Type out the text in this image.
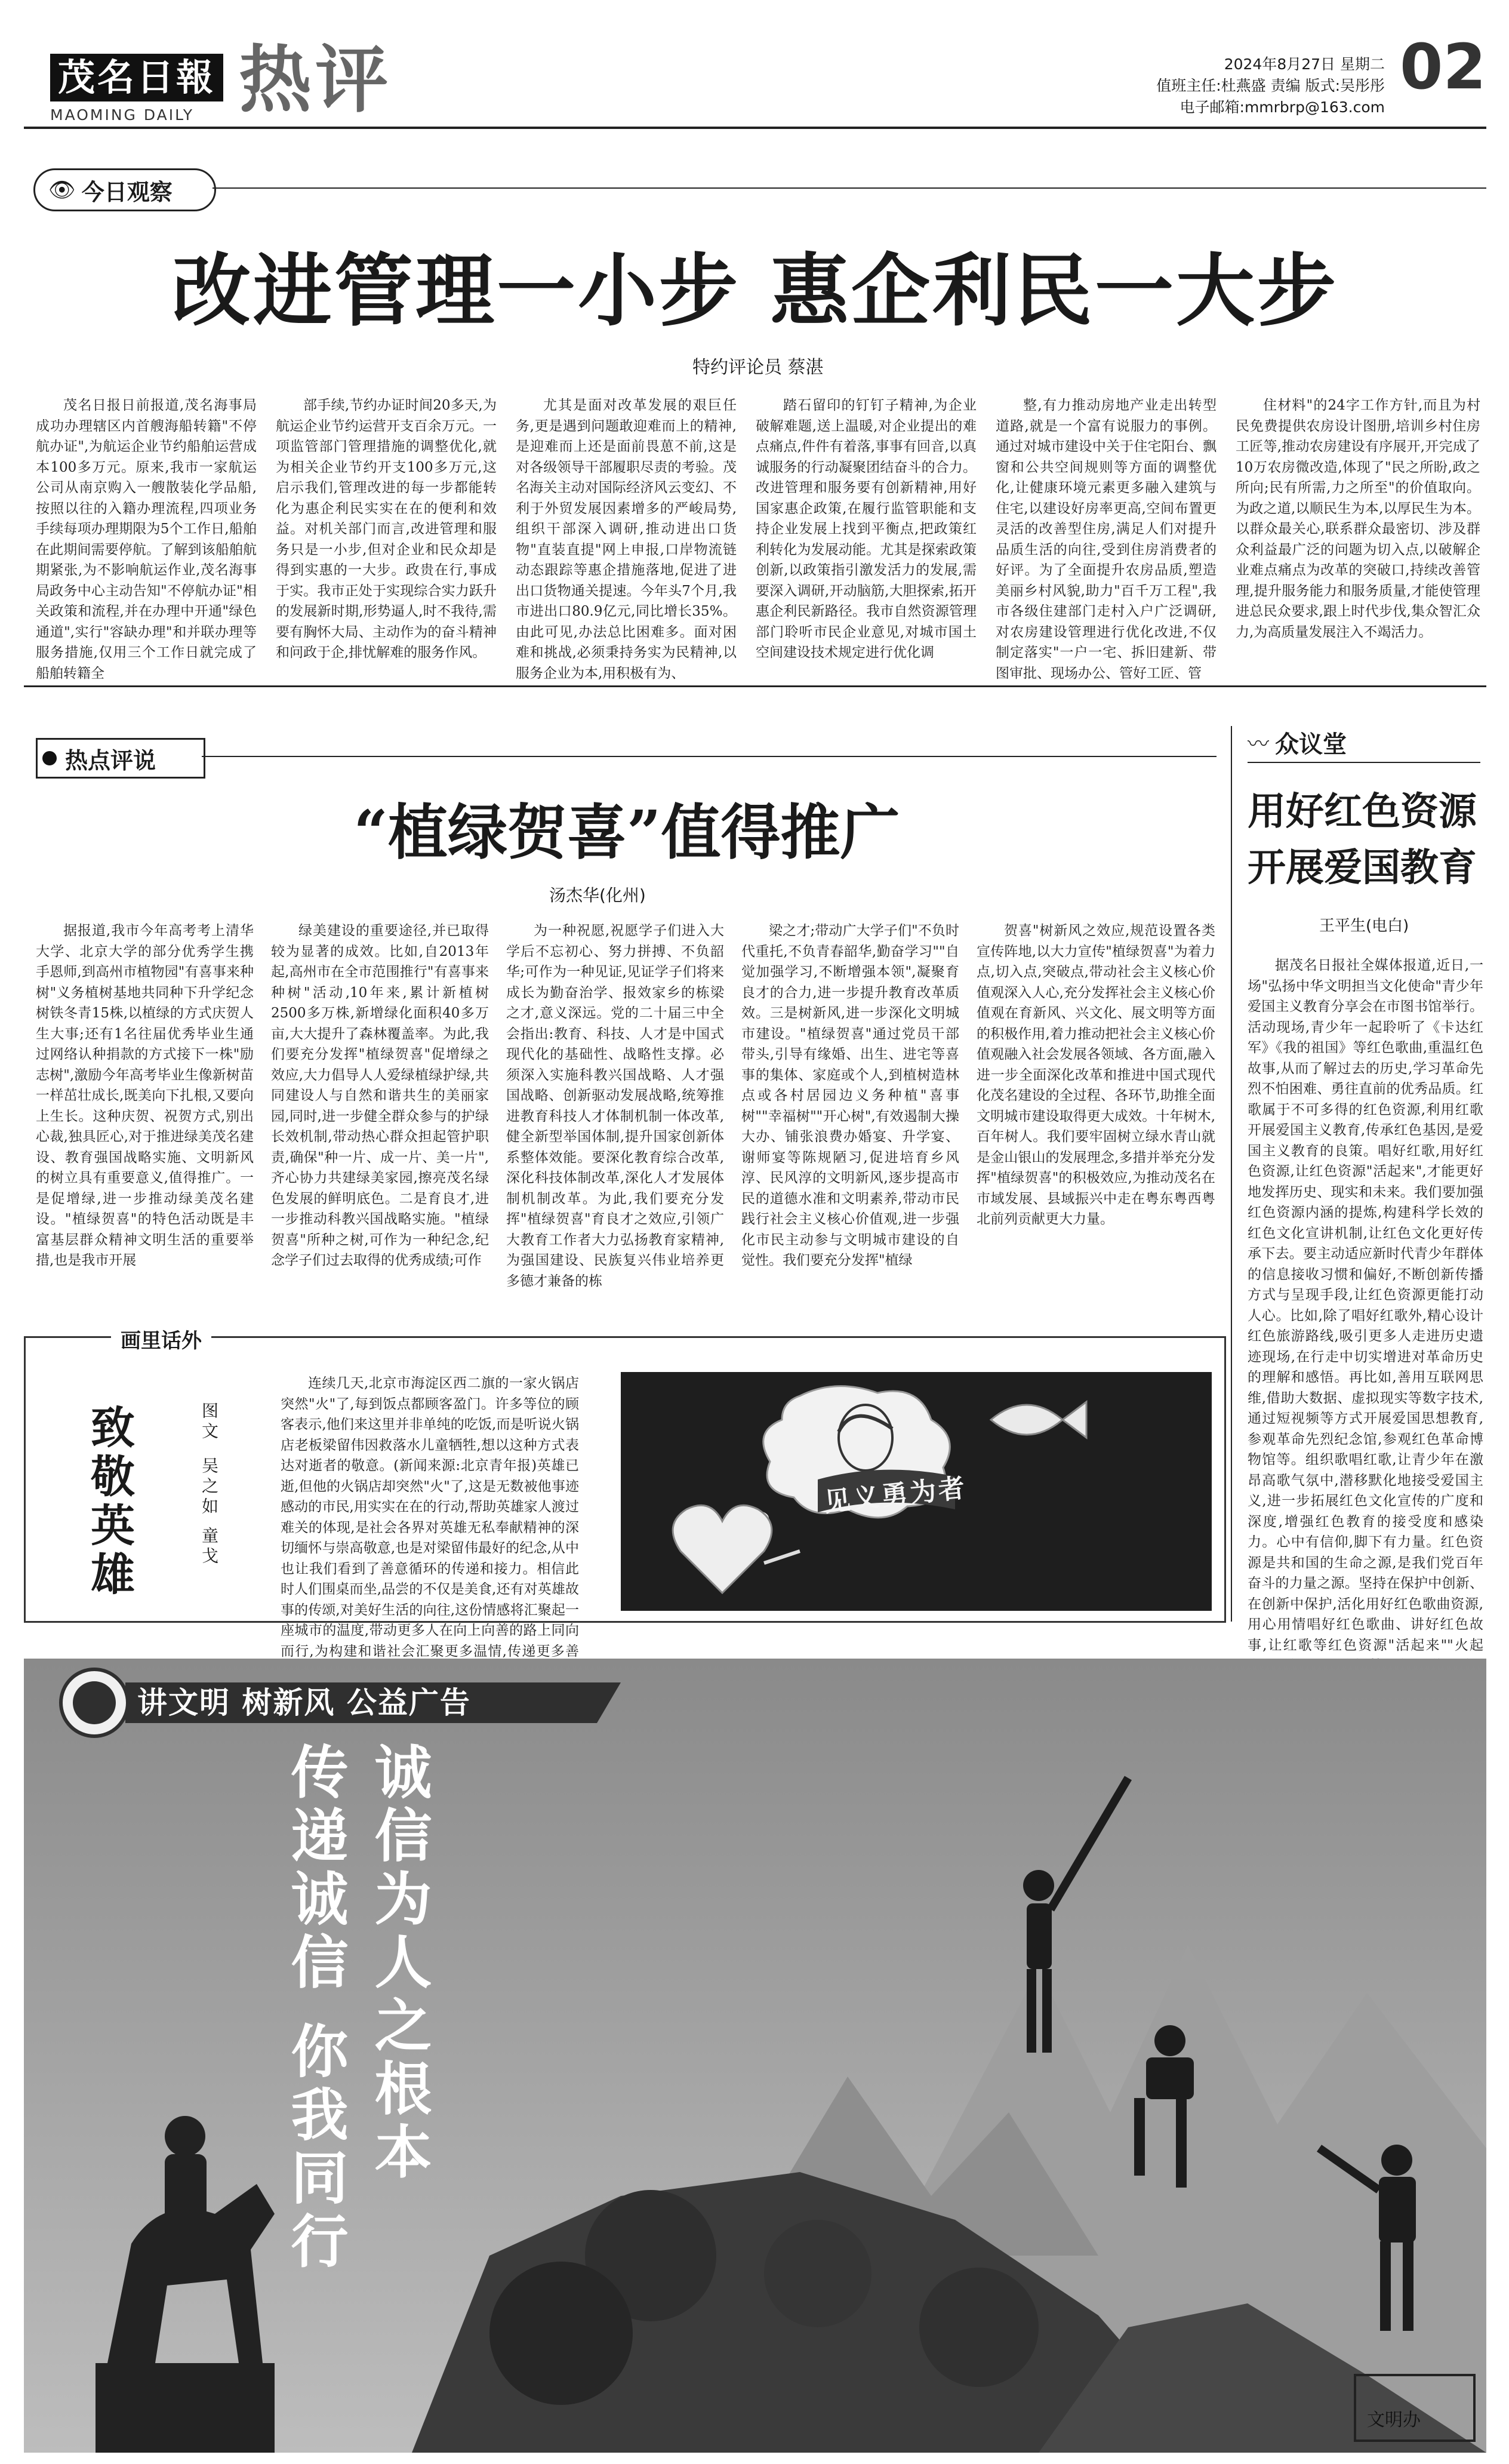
茂名日報
MAOMING DAILY 热评	2024年8月27日 星期二
值班主任:杜燕盛 责编 版式:吴彤彤
电子邮箱:mmrbrp@163.com
02
👁 今日观察
改进管理一小步 惠企利民一大步
特约评论员 蔡湛

茂名日报日前报道,茂名海事局成功办理辖区内首艘海船转籍"不停航办证",为航运企业节约船舶运营成本100多万元。原来,我市一家航运公司从南京购入一艘散装化学品船,按照以往的入籍办理流程,四项业务手续每项办理期限为5个工作日,船舶在此期间需要停航。了解到该船舶航期紧张,为不影响航运作业,茂名海事局政务中心主动告知"不停航办证"相关政策和流程,并在办理中开通"绿色通道",实行"容缺办理"和并联办理等服务措施,仅用三个工作日就完成了船舶转籍全

部手续,节约办证时间20多天,为航运企业节约运营开支百余万元。一项监管部门管理措施的调整优化,就为相关企业节约开支100多万元,这启示我们,管理改进的每一步都能转化为惠企利民实实在在的便利和效益。对机关部门而言,改进管理和服务只是一小步,但对企业和民众却是得到实惠的一大步。政贵在行,事成于实。我市正处于实现综合实力跃升的发展新时期,形势逼人,时不我待,需要有胸怀大局、主动作为的奋斗精神和问政于企,排忧解难的服务作风。

尤其是面对改革发展的艰巨任务,更是遇到问题敢迎难而上的精神,是迎难而上还是面前畏葸不前,这是对各级领导干部履职尽责的考验。茂名海关主动对国际经济风云变幻、不利于外贸发展因素增多的严峻局势,组织干部深入调研,推动进出口货物"直装直提"网上申报,口岸物流链动态跟踪等惠企措施落地,促进了进出口货物通关提速。今年头7个月,我市进出口80.9亿元,同比增长35%。由此可见,办法总比困难多。面对困难和挑战,必须秉持务实为民精神,以服务企业为本,用积极有为、

踏石留印的钉钉子精神,为企业破解难题,送上温暖,对企业提出的难点痛点,件件有着落,事事有回音,以真诚服务的行动凝聚团结奋斗的合力。改进管理和服务要有创新精神,用好国家惠企政策,在履行监管职能和支持企业发展上找到平衡点,把政策红利转化为发展动能。尤其是探索政策创新,以政策指引激发活力的发展,需要深入调研,开动脑筋,大胆探索,拓开惠企利民新路径。我市自然资源管理部门聆听市民企业意见,对城市国土空间建设技术规定进行优化调

整,有力推动房地产业走出转型道路,就是一个富有说服力的事例。通过对城市建设中关于住宅阳台、飘窗和公共空间规则等方面的调整优化,让健康环境元素更多融入建筑与住宅,以建设好房率更高,空间布置更灵活的改善型住房,满足人们对提升品质生活的向往,受到住房消费者的好评。为了全面提升农房品质,塑造美丽乡村风貌,助力"百千万工程",我市各级住建部门走村入户广泛调研,对农房建设管理进行优化改进,不仅制定落实"一户一宅、拆旧建新、带图审批、现场办公、管好工匠、管

住材料"的24字工作方针,而且为村民免费提供农房设计图册,培训乡村住房工匠等,推动农房建设有序展开,开完成了10万农房微改造,体现了"民之所盼,政之所向;民有所需,力之所至"的价值取向。为政之道,以顺民生为本,以厚民生为本。以群众最关心,联系群众最密切、涉及群众利益最广泛的问题为切入点,以破解企业难点痛点为改革的突破口,持续改善管理,提升服务能力和服务质量,才能使管理进总民众要求,跟上时代步伐,集众智汇众力,为高质量发展注入不竭活力。

热点评说
“植绿贺喜”值得推广
汤杰华(化州)

据报道,我市今年高考考上清华大学、北京大学的部分优秀学生携手恩师,到高州市植物园"有喜事来种树"义务植树基地共同种下升学纪念树铁冬青15株,以植绿的方式庆贺人生大事;还有1名往届优秀毕业生通过网络认种捐款的方式接下一株"励志树",激励今年高考毕业生像新树苗一样茁壮成长,既美向下扎根,又要向上生长。这种庆贺、祝贺方式,别出心裁,独具匠心,对于推进绿美茂名建设、教育强国战略实施、文明新风的树立具有重要意义,值得推广。一是促增绿,进一步推动绿美茂名建设。"植绿贺喜"的特色活动既是丰富基层群众精神文明生活的重要举措,也是我市开展

绿美建设的重要途径,并已取得较为显著的成效。比如,自2013年起,高州市在全市范围推行"有喜事来种树"活动,10年来,累计新植树2500多万株,新增绿化面积40多万亩,大大提升了森林覆盖率。为此,我们要充分发挥"植绿贺喜"促增绿之效应,大力倡导人人爱绿植绿护绿,共同建设人与自然和谐共生的美丽家园,同时,进一步健全群众参与的护绿长效机制,带动热心群众担起管护职责,确保"种一片、成一片、美一片",齐心协力共建绿美家园,擦亮茂名绿色发展的鲜明底色。二是育良才,进一步推动科教兴国战略实施。"植绿贺喜"所种之树,可作为一种纪念,纪念学子们过去取得的优秀成绩;可作

为一种祝愿,祝愿学子们进入大学后不忘初心、努力拼搏、不负韶华;可作为一种见证,见证学子们将来成长为勤奋治学、报效家乡的栋梁之才,意义深远。党的二十届三中全会指出:教育、科技、人才是中国式现代化的基础性、战略性支撑。必须深入实施科教兴国战略、人才强国战略、创新驱动发展战略,统筹推进教育科技人才体制机制一体改革,健全新型举国体制,提升国家创新体系整体效能。要深化教育综合改革,深化科技体制改革,深化人才发展体制机制改革。为此,我们要充分发挥"植绿贺喜"育良才之效应,引领广大教育工作者大力弘扬教育家精神,为强国建设、民族复兴伟业培养更多德才兼备的栋

梁之才;带动广大学子们"不负时代重托,不负青春韶华,勤奋学习""自觉加强学习,不断增强本领",凝聚育良才的合力,进一步提升教育改革质效。三是树新风,进一步深化文明城市建设。"植绿贺喜"通过党员干部带头,引导有缘婚、出生、进宅等喜事的集体、家庭或个人,到植树造林点或各村居园边义务种植"喜事树""幸福树""开心树",有效遏制大操大办、铺张浪费办婚宴、升学宴、谢师宴等陈规陋习,促进培育乡风淳、民风淳的文明新风,逐步提高市民的道德水准和文明素养,带动市民践行社会主义核心价值观,进一步强化市民主动参与文明城市建设的自觉性。我们要充分发挥"植绿

贺喜"树新风之效应,规范设置各类宣传阵地,以大力宣传"植绿贺喜"为着力点,切入点,突破点,带动社会主义核心价值观深入人心,充分发挥社会主义核心价值观在育新风、兴文化、展文明等方面的积极作用,着力推动把社会主义核心价值观融入社会发展各领域、各方面,融入进一步全面深化改革和推进中国式现代化茂名建设的全过程、各环节,助推全面文明城市建设取得更大成效。十年树木,百年树人。我们要牢固树立绿水青山就是金山银山的发展理念,多措并举充分发挥"植绿贺喜"的积极效应,为推动茂名在市域发展、县域振兴中走在粤东粤西粤北前列贡献更大力量。

〰 众议堂
用好红色资源
开展爱国教育
王平生(电白)

据茂名日报社全媒体报道,近日,一场"弘扬中华文明担当文化使命"青少年爱国主义教育分享会在市图书馆举行。活动现场,青少年一起聆听了《卡达红军》《我的祖国》等红色歌曲,重温红色故事,从而了解过去的历史,学习革命先烈不怕困难、勇往直前的优秀品质。红歌属于不可多得的红色资源,利用红歌开展爱国主义教育,传承红色基因,是爱国主义教育的良策。唱好红歌,用好红色资源,让红色资源"活起来",才能更好地发挥历史、现实和未来。我们要加强红色资源内涵的提炼,构建科学长效的红色文化宣讲机制,让红色文化更好传承下去。要主动适应新时代青少年群体的信息接收习惯和偏好,不断创新传播方式与呈现手段,让红色资源更能打动人心。比如,除了唱好红歌外,精心设计红色旅游路线,吸引更多人走进历史遗迹现场,在行走中切实增进对革命历史的理解和感悟。再比如,善用互联网思维,借助大数据、虚拟现实等数字技术,通过短视频等方式开展爱国思想教育,参观革命先烈纪念馆,参观红色革命博物馆等。组织歌唱红歌,让青少年在激昂高歌气氛中,潜移默化地接受爱国主义,进一步拓展红色文化宣传的广度和深度,增强红色教育的接受度和感染力。心中有信仰,脚下有力量。红色资源是共和国的生命之源,是我们党百年奋斗的力量之源。坚持在保护中创新、在创新中保护,活化用好红色歌曲资源,用心用情唱好红色歌曲、讲好红色故事,让红歌等红色资源"活起来""火起

画里话外
致敬英雄	图文
吴之如 童戈

连续几天,北京市海淀区西二旗的一家火锅店突然"火"了,每到饭点都顾客盈门。许多等位的顾客表示,他们来这里并非单纯的吃饭,而是听说火锅店老板梁留伟因救落水儿童牺牲,想以这种方式表达对逝者的敬意。(新闻来源:北京青年报)英雄已逝,但他的火锅店却突然"火"了,这是无数被他事迹感动的市民,用实实在在的行动,帮助英雄家人渡过难关的体现,是社会各界对英雄无私奉献精神的深切缅怀与崇高敬意,也是对梁留伟最好的纪念,从中也让我们看到了善意循环的传递和接力。相信此时人们围桌而坐,品尝的不仅是美食,还有对英雄故事的传颂,对美好生活的向往,这份情感将汇聚起一座城市的温度,带动更多人在向上向善的路上同向而行,为构建和谐社会汇聚更多温情,传递更多善

见义勇为者
讲文明 树新风 公益广告
诚信为人之根本
传递诚信 你我同行
文明办
